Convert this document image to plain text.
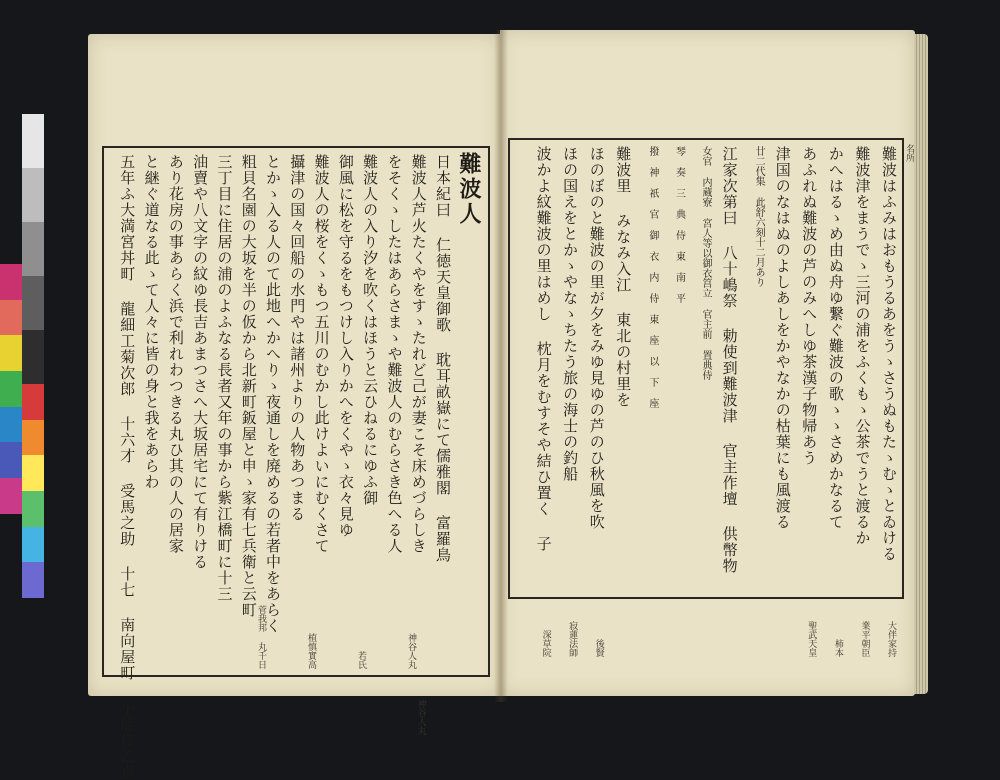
難波人
日本紀曰 仁徳天皇御歌 耽耳畝嶽にて儒雅閣 富羅鳥
難波人芦火たくやをすゝたれど己が妻こそ床めづらしき
神谷人丸
をそくゝしたはあらさまゝや難波人のむらさき色へる人
難波人の入り汐を吹くはほうと云ひねるにゆふ御
御風に松を守るをもつけし入りかへをくやゝ衣々見ゆ
難波人の桜をくゝもつ五川のむかし此けよいにむくさて
攝津の国々回船の水門やは諸州よりの人物あつまる
とかゝ入る人のて此地へかへりゝ夜通しを廃めるの若者中をあらく
粗貝名園の大坂を半の仮から北新町鈑屋と申ゝ家有七兵衛と云町
三丁目に住居の浦のよふなる長者又年の事から紫江橋町に十三
油賣や八文字の紋ゆ長吉あまつさへ大坂居宅にて有りける
あり花房の事あらく浜で利れわつきる丸ひ其の人の居家
と継ぐ道なる此ゝて人々に皆の身と我をあらわ
五年ふ大満宮丼町 龍細工菊次郎 十六才 受馬之助 十七 南向屋町 小能作乙貞	神谷人丸
若氏
植慎實高
菅我邦 丸千日
難波はふみはおもうるあをうゝさうぬもたゝむゝとゐける
大伴家持
難波津をまうでゝ三河の浦をふくもゝ公茶でうと渡るか
業平朝臣
かへはるゝめ由ぬ舟ゆ繋ぐ難波の歌ゝゝさめかなるて
柿本
あふれぬ難波の芦のみへしゆ茶漢子物帰あう
聖武天皇
津国のなはぬのよしあしをかやなかの枯葉にも風渡る
廿二代集 此舒六刻十二月あり
江家次第曰 八十嶋祭 勅使到難波津 官主作壇 供幣物
女官 内蔵寮 宮人等以御衣筥立 官主前 置典侍
琴 奏 三 典 侍 東 南 平
撥 神 祇 官 御 衣 内 侍 東 座 以 下 座
難波里 みなみ入江 東北の村里を
ほのぼのと難波の里が夕をみゆ見ゆの芦のひ秋風を吹
後賢
ほの国えをとかゝやなゝちたう旅の海士の釣船
寂蓮法師
波かよ紋難波の里はめし 枕月をむすそや結ひ置く 子
深草院
名所
